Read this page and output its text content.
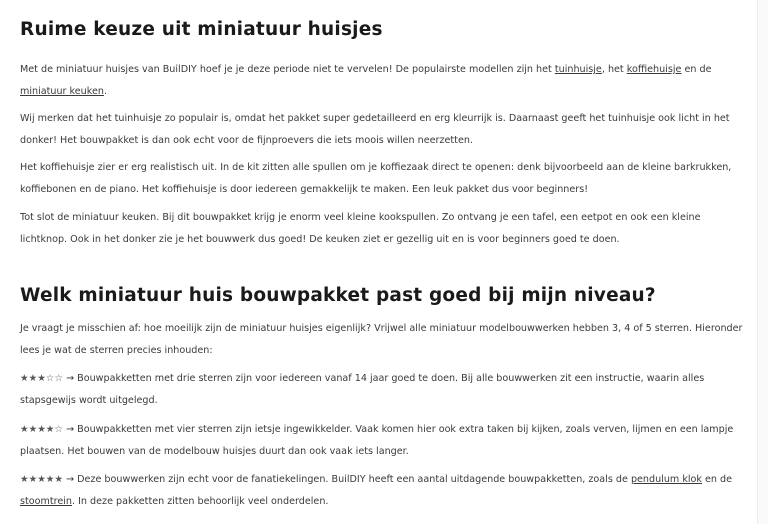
Ruime keuze uit miniatuur huisjes
Met de miniatuur huisjes van BuilDIY hoef je je deze periode niet te vervelen! De populairste modellen zijn het tuinhuisje, het koffiehuisje en de miniatuur keuken.
Wij merken dat het tuinhuisje zo populair is, omdat het pakket super gedetailleerd en erg kleurrijk is. Daarnaast geeft het tuinhuisje ook licht in het donker! Het bouwpakket is dan ook echt voor de fijnproevers die iets moois willen neerzetten.
Het koffiehuisje zier er erg realistisch uit. In de kit zitten alle spullen om je koffiezaak direct te openen: denk bijvoorbeeld aan de kleine barkrukken, koffiebonen en de piano. Het koffiehuisje is door iedereen gemakkelijk te maken. Een leuk pakket dus voor beginners!
Tot slot de miniatuur keuken. Bij dit bouwpakket krijg je enorm veel kleine kookspullen. Zo ontvang je een tafel, een eetpot en ook een kleine lichtknop. Ook in het donker zie je het bouwwerk dus goed! De keuken ziet er gezellig uit en is voor beginners goed te doen.
Welk miniatuur huis bouwpakket past goed bij mijn niveau?
Je vraagt je misschien af: hoe moeilijk zijn de miniatuur huisjes eigenlijk? Vrijwel alle miniatuur modelbouwwerken hebben 3, 4 of 5 sterren. Hieronder lees je wat de sterren precies inhouden:
★★★☆☆ → Bouwpakketten met drie sterren zijn voor iedereen vanaf 14 jaar goed te doen. Bij alle bouwwerken zit een instructie, waarin alles stapsgewijs wordt uitgelegd.
★★★★☆ → Bouwpakketten met vier sterren zijn ietsje ingewikkelder. Vaak komen hier ook extra taken bij kijken, zoals verven, lijmen en een lampje plaatsen. Het bouwen van de modelbouw huisjes duurt dan ook vaak iets langer.
★★★★★ → Deze bouwwerken zijn echt voor de fanatiekelingen. BuilDIY heeft een aantal uitdagende bouwpakketten, zoals de pendulum klok en de stoomtrein. In deze pakketten zitten behoorlijk veel onderdelen.
